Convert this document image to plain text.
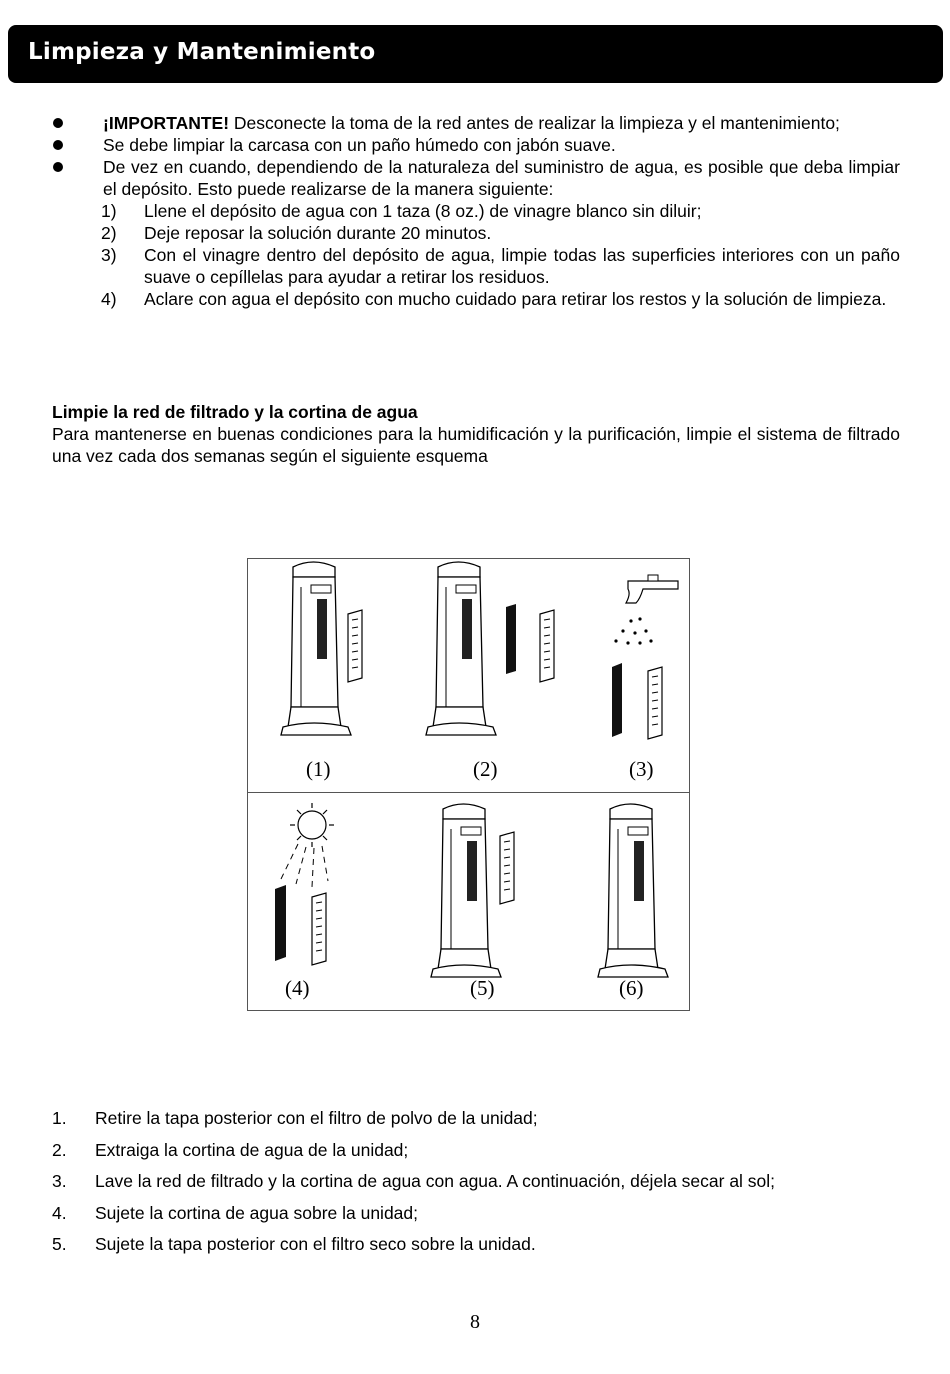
Limpieza y Mantenimiento
¡IMPORTANTE! Desconecte la toma de la red antes de realizar la limpieza y el mantenimiento;
Se debe limpiar la carcasa con un paño húmedo con jabón suave.
De vez en cuando, dependiendo de la naturaleza del suministro de agua, es posible que deba limpiar el depósito. Esto puede realizarse de la manera siguiente:
1) Llene el depósito de agua con 1 taza (8 oz.) de vinagre blanco sin diluir;
2) Deje reposar la solución durante 20 minutos.
3) Con el vinagre dentro del depósito de agua, limpie todas las superficies interiores con un paño suave o cepíllelas para ayudar a retirar los residuos.
4) Aclare con agua el depósito con mucho cuidado para retirar los restos y la solución de limpieza.
Limpie la red de filtrado y la cortina de agua
Para mantenerse en buenas condiciones para la humidificación y la purificación, limpie el sistema de filtrado una vez cada dos semanas según el siguiente esquema
(1)	(2)	(3)
(4)	(5)	(6)
1. Retire la tapa posterior con el filtro de polvo de la unidad;
2. Extraiga la cortina de agua de la unidad;
3. Lave la red de filtrado y la cortina de agua con agua. A continuación, déjela secar al sol;
4. Sujete la cortina de agua sobre la unidad;
5. Sujete la tapa posterior con el filtro seco sobre la unidad.
8
